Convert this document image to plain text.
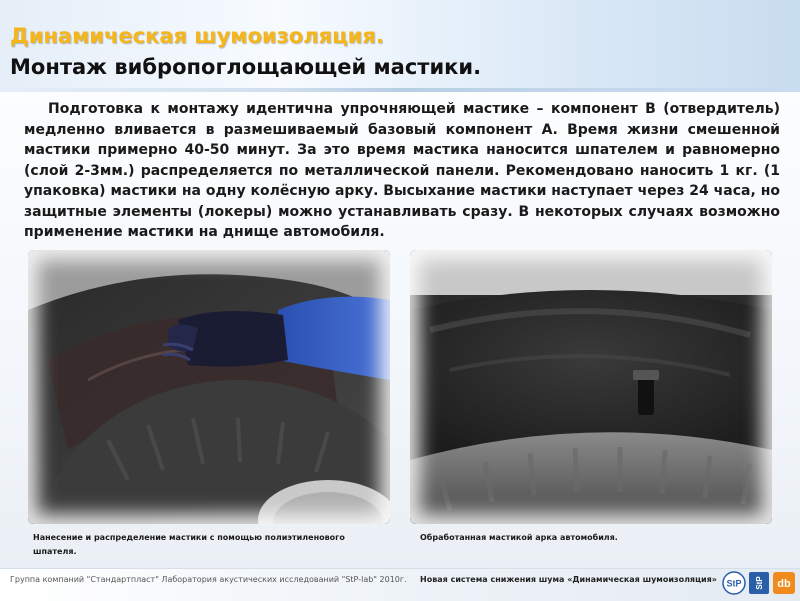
Динамическая шумоизоляция.
Монтаж вибропоглощающей мастики.

Подготовка к монтажу идентична упрочняющей мастике – компонент В (отвердитель) медленно вливается в размешиваемый базовый компонент А. Время жизни смешенной мастики примерно 40-50 минут. За это время мастика наносится шпателем и равномерно (слой 2-3мм.) распределяется по металлической панели. Рекомендовано наносить 1 кг. (1 упаковка) мастики на одну колёсную арку. Высыхание мастики наступает через 24 часа, но защитные элементы (локеры) можно устанавливать сразу. В некоторых случаях возможно применение мастики на днище автомобиля.

Нанесение и распределение мастики с помощью полиэтиленового шпателя.
Обработанная мастикой арка автомобиля.
Группа компаний "Стандартпласт" Лаборатория акустических исследований "StP-lab" 2010г. Новая система снижения шума «Динамическая шумоизоляция» StP StP db
